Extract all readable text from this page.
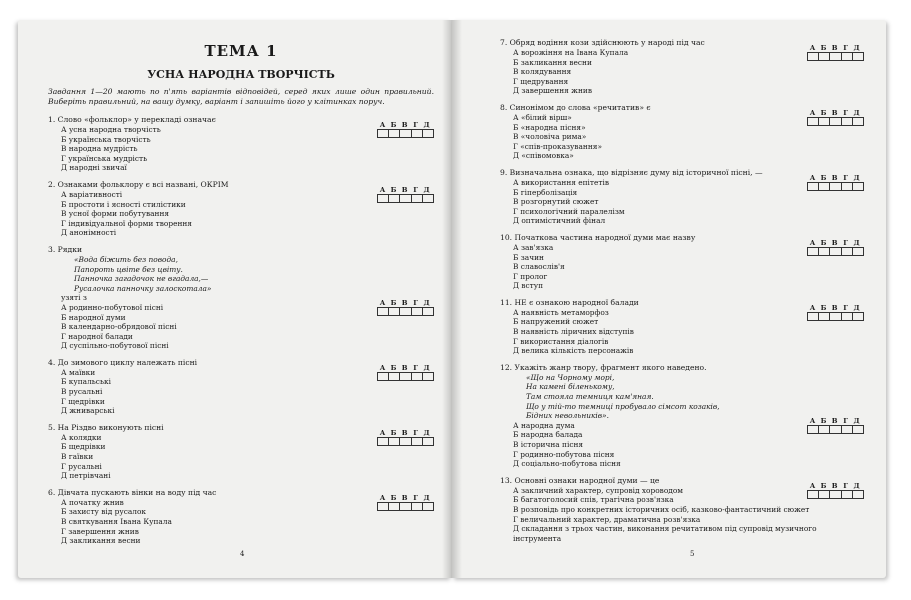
ТЕМА 1
УСНА НАРОДНА ТВОРЧІСТЬ
Завдання 1—20 мають по п'ять варіантів відповідей, серед яких лише один правильний. Виберіть правильний, на вашу думку, варіант і запишіть його у клітинках поруч.
1. Слово «фольклор» у перекладі означає
А усна народна творчість
Б українська творчість
В народна мудрість
Г українська мудрість
Д народні звичаї
А Б В Г Д
2. Ознаками фольклору є всі названі, ОКРІМ
А варіативності
Б простоти і ясності стилістики
В усної форми побутування
Г індивідуальної форми творення
Д анонімності
А Б В Г Д
3. Рядки
«Вода біжить без повода,
Папороть цвіте без цвіту.
Панночка загадочок не вгадала,—
Русалочка панночку залоскотала»
узяті з
А родинно-побутової пісні
Б народної думи
В календарно-обрядової пісні
Г народної балади
Д суспільно-побутової пісні
А Б В Г Д
4. До зимового циклу належать пісні
А маївки
Б купальські
В русальні
Г щедрівки
Д жниварські
А Б В Г Д
5. На Різдво виконують пісні
А колядки
Б щедрівки
В гаївки
Г русальні
Д петрівчані
А Б В Г Д
6. Дівчата пускають вінки на воду під час
А початку жнив
Б захисту від русалок
В святкування Івана Купала
Г завершення жнив
Д закликання весни
А Б В Г Д
4
7. Обряд водіння кози здійснюють у народі під час
А ворожіння на Івана Купала
Б закликання весни
В колядування
Г щедрування
Д завершення жнив
А Б В Г Д
8. Синонімом до слова «речитатив» є
А «білий вірш»
Б «народна пісня»
В «чоловіча рима»
Г «спів-проказування»
Д «співомовка»
А Б В Г Д
9. Визначальна ознака, що відрізняє думу від історичної пісні, —
А використання епітетів
Б гіперболізація
В розгорнутий сюжет
Г психологічний паралелізм
Д оптимістичний фінал
А Б В Г Д
10. Початкова частина народної думи має назву
А зав'язка
Б зачин
В славослів'я
Г пролог
Д вступ
А Б В Г Д
11. НЕ є ознакою народної балади
А наявність метаморфоз
Б напружений сюжет
В наявність ліричних відступів
Г використання діалогів
Д велика кількість персонажів
А Б В Г Д
12. Укажіть жанр твору, фрагмент якого наведено.
«Що на Чорному морі,
На камені біленькому,
Там стояла темниця кам'яная.
Що у тій-то темниці пробувало сімсот козаків,
Бідних невольників».
А народна дума
Б народна балада
В історична пісня
Г родинно-побутова пісня
Д соціально-побутова пісня
А Б В Г Д
13. Основні ознаки народної думи — це
А закличний характер, супровід хороводом
Б багатоголосий спів, трагічна розв'язка
В розповідь про конкретних історичних осіб, казково-фантастичний сюжет
Г величальний характер, драматична розв'язка
Д складання з трьох частин, виконання речитативом під супровід музичного інструмента
А Б В Г Д
5
